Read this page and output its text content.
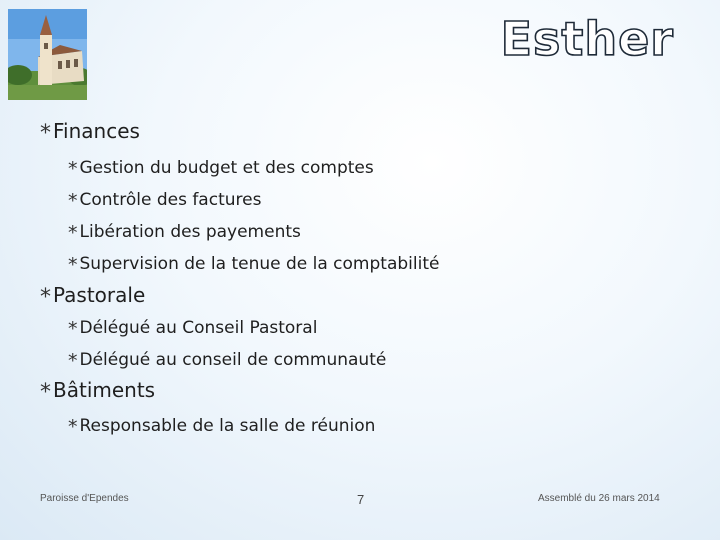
Esther
* Finances
* Gestion du budget et des comptes
* Contrôle des factures
* Libération des payements
* Supervision de la tenue de la comptabilité
* Pastorale
* Délégué au Conseil Pastoral
* Délégué au conseil de communauté
* Bâtiments
* Responsable de la salle de réunion
Paroisse d'Ependes	7	Assemblé du 26 mars 2014
